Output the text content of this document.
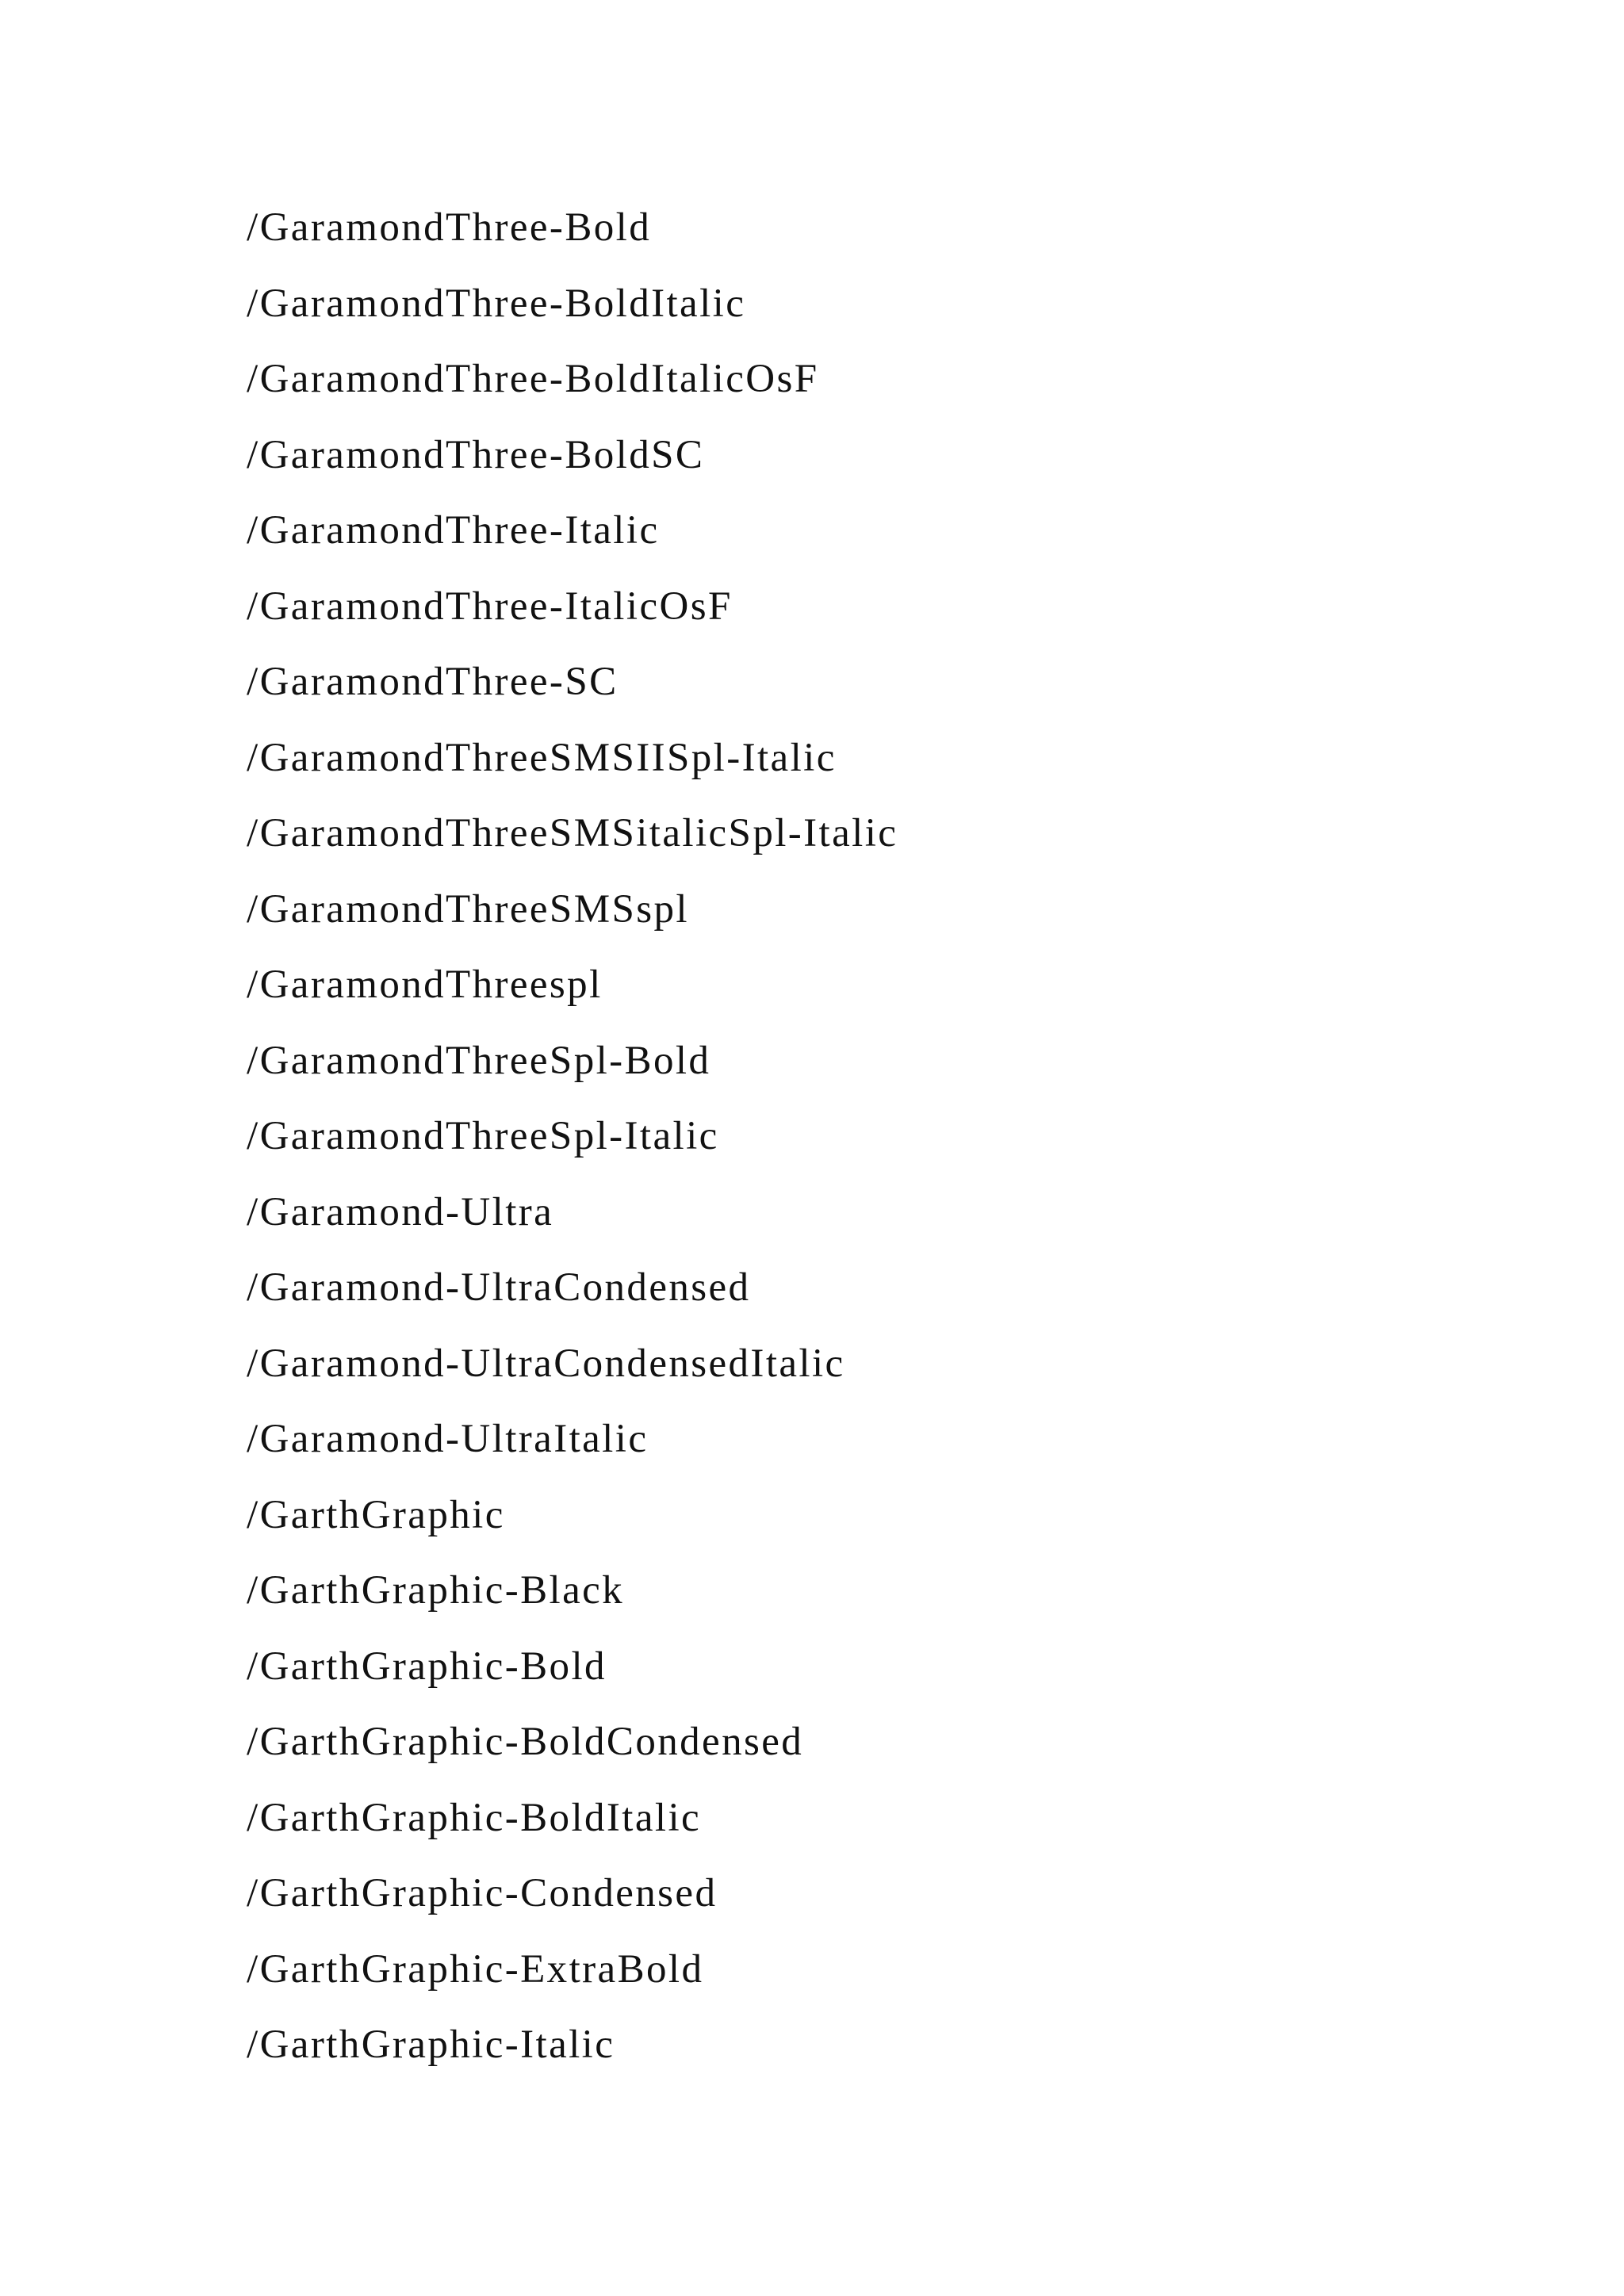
/GaramondThree-Bold
/GaramondThree-BoldItalic
/GaramondThree-BoldItalicOsF
/GaramondThree-BoldSC
/GaramondThree-Italic
/GaramondThree-ItalicOsF
/GaramondThree-SC
/GaramondThreeSMSIISpl-Italic
/GaramondThreeSMSitalicSpl-Italic
/GaramondThreeSMSspl
/GaramondThreespl
/GaramondThreeSpl-Bold
/GaramondThreeSpl-Italic
/Garamond-Ultra
/Garamond-UltraCondensed
/Garamond-UltraCondensedItalic
/Garamond-UltraItalic
/GarthGraphic
/GarthGraphic-Black
/GarthGraphic-Bold
/GarthGraphic-BoldCondensed
/GarthGraphic-BoldItalic
/GarthGraphic-Condensed
/GarthGraphic-ExtraBold
/GarthGraphic-Italic
